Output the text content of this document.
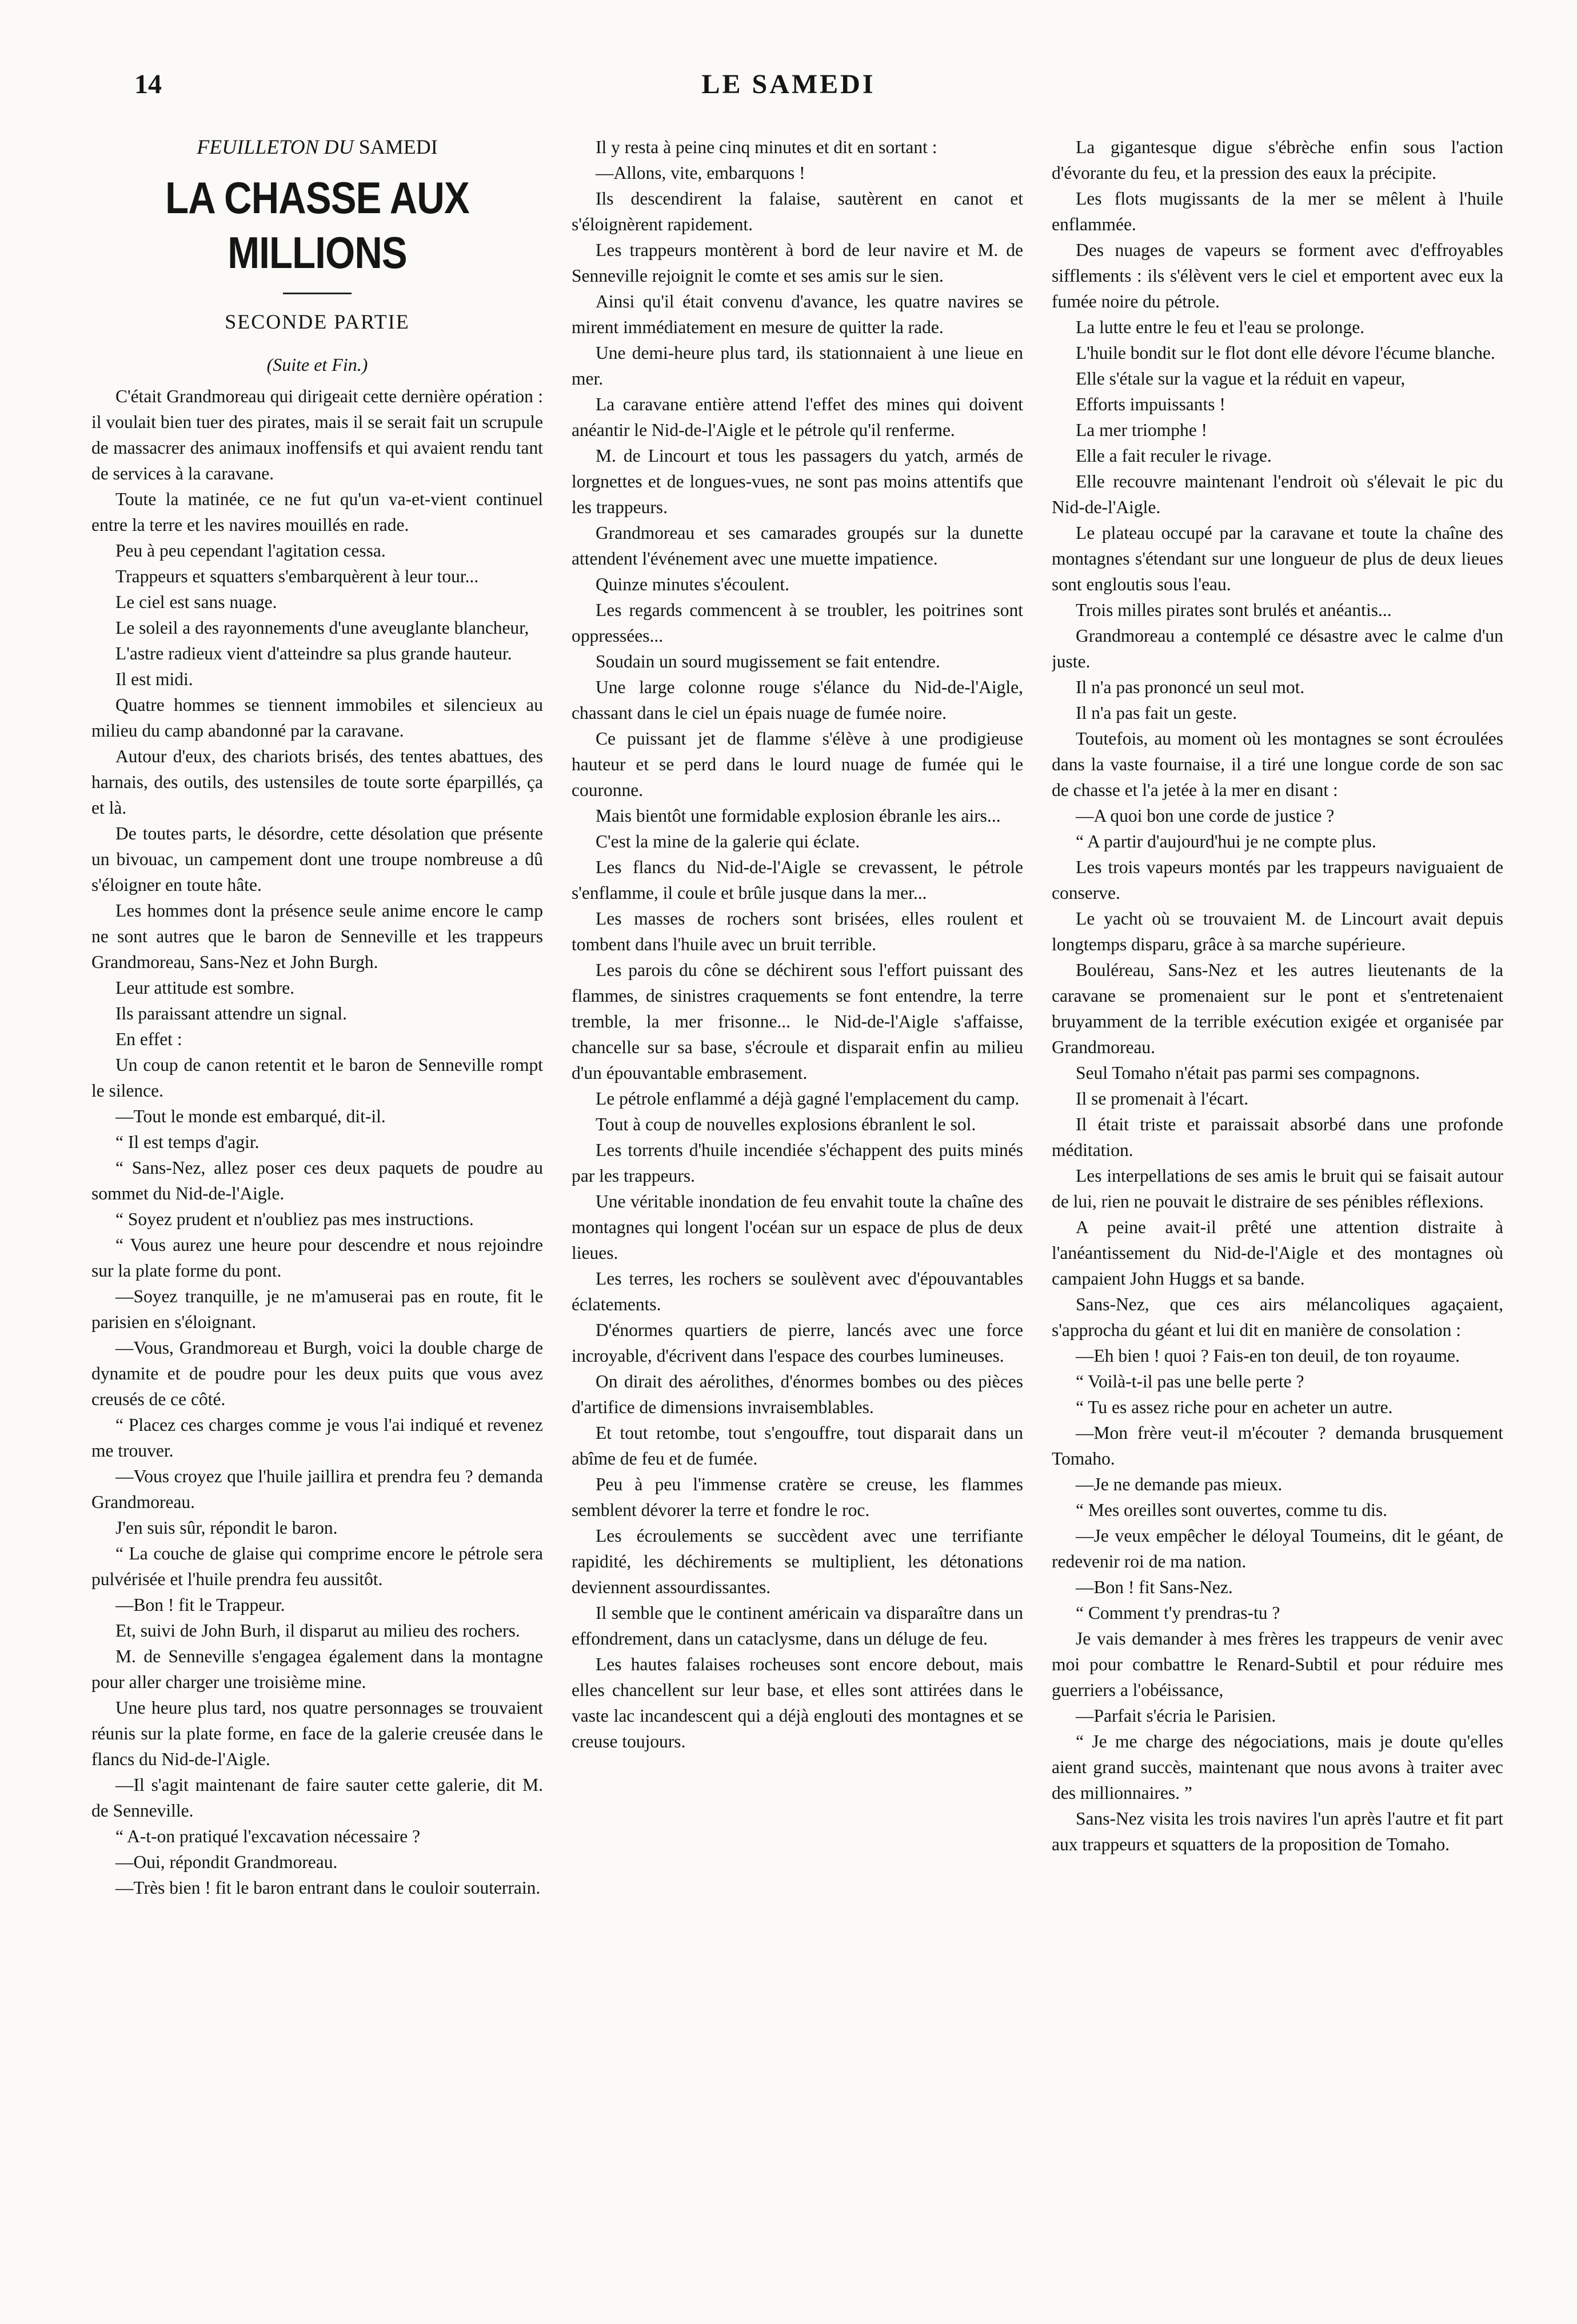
14	LE SAMEDI
FEUILLETON DU SAMEDI
LA CHASSE AUX MILLIONS
SECONDE PARTIE
(Suite et Fin.)

C'était Grandmoreau qui dirigeait cette dernière opération : il voulait bien tuer des pirates, mais il se serait fait un scrupule de massacrer des animaux inoffensifs et qui avaient rendu tant de services à la caravane.

Toute la matinée, ce ne fut qu'un va-et-vient continuel entre la terre et les navires mouillés en rade.

Peu à peu cependant l'agitation cessa.

Trappeurs et squatters s'embarquèrent à leur tour...

Le ciel est sans nuage.

Le soleil a des rayonnements d'une aveuglante blancheur,

L'astre radieux vient d'atteindre sa plus grande hauteur.

Il est midi.

Quatre hommes se tiennent immobiles et silencieux au milieu du camp abandonné par la caravane.

Autour d'eux, des chariots brisés, des tentes abattues, des harnais, des outils, des ustensiles de toute sorte éparpillés, ça et là.

De toutes parts, le désordre, cette désolation que présente un bivouac, un campement dont une troupe nombreuse a dû s'éloigner en toute hâte.

Les hommes dont la présence seule anime encore le camp ne sont autres que le baron de Senneville et les trappeurs Grandmoreau, Sans-Nez et John Burgh.

Leur attitude est sombre.

Ils paraissant attendre un signal.

En effet :

Un coup de canon retentit et le baron de Senneville rompt le silence.

—Tout le monde est embarqué, dit-il.

“ Il est temps d'agir.

“ Sans-Nez, allez poser ces deux paquets de poudre au sommet du Nid-de-l'Aigle.

“ Soyez prudent et n'oubliez pas mes instructions.

“ Vous aurez une heure pour descendre et nous rejoindre sur la plate forme du pont.

—Soyez tranquille, je ne m'amuserai pas en route, fit le parisien en s'éloignant.

—Vous, Grandmoreau et Burgh, voici la double charge de dynamite et de poudre pour les deux puits que vous avez creusés de ce côté.

“ Placez ces charges comme je vous l'ai indiqué et revenez me trouver.

—Vous croyez que l'huile jaillira et prendra feu ? demanda Grandmoreau.

J'en suis sûr, répondit le baron.

“ La couche de glaise qui comprime encore le pétrole sera pulvérisée et l'huile prendra feu aussitôt.

—Bon ! fit le Trappeur.

Et, suivi de John Burh, il disparut au milieu des rochers.

M. de Senneville s'engagea également dans la montagne pour aller charger une troisième mine.

Une heure plus tard, nos quatre personnages se trouvaient réunis sur la plate forme, en face de la galerie creusée dans le flancs du Nid-de-l'Aigle.

—Il s'agit maintenant de faire sauter cette galerie, dit M. de Senneville.

“ A-t-on pratiqué l'excavation nécessaire ?

—Oui, répondit Grandmoreau.

—Très bien ! fit le baron entrant dans le couloir souterrain.

Il y resta à peine cinq minutes et dit en sortant :

—Allons, vite, embarquons !

Ils descendirent la falaise, sautèrent en canot et s'éloignèrent rapidement.

Les trappeurs montèrent à bord de leur navire et M. de Senneville rejoignit le comte et ses amis sur le sien.

Ainsi qu'il était convenu d'avance, les quatre navires se mirent immédiatement en mesure de quitter la rade.

Une demi-heure plus tard, ils stationnaient à une lieue en mer.

La caravane entière attend l'effet des mines qui doivent anéantir le Nid-de-l'Aigle et le pétrole qu'il renferme.

M. de Lincourt et tous les passagers du yatch, armés de lorgnettes et de longues-vues, ne sont pas moins attentifs que les trappeurs.

Grandmoreau et ses camarades groupés sur la dunette attendent l'événement avec une muette impatience.

Quinze minutes s'écoulent.

Les regards commencent à se troubler, les poitrines sont oppressées...

Soudain un sourd mugissement se fait entendre.

Une large colonne rouge s'élance du Nid-de-l'Aigle, chassant dans le ciel un épais nuage de fumée noire.

Ce puissant jet de flamme s'élève à une prodigieuse hauteur et se perd dans le lourd nuage de fumée qui le couronne.

Mais bientôt une formidable explosion ébranle les airs...

C'est la mine de la galerie qui éclate.

Les flancs du Nid-de-l'Aigle se crevassent, le pétrole s'enflamme, il coule et brûle jusque dans la mer...

Les masses de rochers sont brisées, elles roulent et tombent dans l'huile avec un bruit terrible.

Les parois du cône se déchirent sous l'effort puissant des flammes, de sinistres craquements se font entendre, la terre tremble, la mer frisonne... le Nid-de-l'Aigle s'affaisse, chancelle sur sa base, s'écroule et disparait enfin au milieu d'un épouvantable embrasement.

Le pétrole enflammé a déjà gagné l'emplacement du camp.

Tout à coup de nouvelles explosions ébranlent le sol.

Les torrents d'huile incendiée s'échappent des puits minés par les trappeurs.

Une véritable inondation de feu envahit toute la chaîne des montagnes qui longent l'océan sur un espace de plus de deux lieues.

Les terres, les rochers se soulèvent avec d'épouvantables éclatements.

D'énormes quartiers de pierre, lancés avec une force incroyable, d'écrivent dans l'espace des courbes lumineuses.

On dirait des aérolithes, d'énormes bombes ou des pièces d'artifice de dimensions invraisemblables.

Et tout retombe, tout s'engouffre, tout disparait dans un abîme de feu et de fumée.

Peu à peu l'immense cratère se creuse, les flammes semblent dévorer la terre et fondre le roc.

Les écroulements se succèdent avec une terrifiante rapidité, les déchirements se multiplient, les détonations deviennent assourdissantes.

Il semble que le continent américain va disparaître dans un effondrement, dans un cataclysme, dans un déluge de feu.

Les hautes falaises rocheuses sont encore debout, mais elles chancellent sur leur base, et elles sont attirées dans le vaste lac incandescent qui a déjà englouti des montagnes et se creuse toujours.

La gigantesque digue s'ébrèche enfin sous l'action d'évorante du feu, et la pression des eaux la précipite.

Les flots mugissants de la mer se mêlent à l'huile enflammée.

Des nuages de vapeurs se forment avec d'effroyables sifflements : ils s'élèvent vers le ciel et emportent avec eux la fumée noire du pétrole.

La lutte entre le feu et l'eau se prolonge.

L'huile bondit sur le flot dont elle dévore l'écume blanche.

Elle s'étale sur la vague et la réduit en vapeur,

Efforts impuissants !

La mer triomphe !

Elle a fait reculer le rivage.

Elle recouvre maintenant l'endroit où s'élevait le pic du Nid-de-l'Aigle.

Le plateau occupé par la caravane et toute la chaîne des montagnes s'étendant sur une longueur de plus de deux lieues sont engloutis sous l'eau.

Trois milles pirates sont brulés et anéantis...

Grandmoreau a contemplé ce désastre avec le calme d'un juste.

Il n'a pas prononcé un seul mot.

Il n'a pas fait un geste.

Toutefois, au moment où les montagnes se sont écroulées dans la vaste fournaise, il a tiré une longue corde de son sac de chasse et l'a jetée à la mer en disant :

—A quoi bon une corde de justice ?

“ A partir d'aujourd'hui je ne compte plus.

Les trois vapeurs montés par les trappeurs naviguaient de conserve.

Le yacht où se trouvaient M. de Lincourt avait depuis longtemps disparu, grâce à sa marche supérieure.

Bouléreau, Sans-Nez et les autres lieutenants de la caravane se promenaient sur le pont et s'entretenaient bruyamment de la terrible exécution exigée et organisée par Grandmoreau.

Seul Tomaho n'était pas parmi ses compagnons.

Il se promenait à l'écart.

Il était triste et paraissait absorbé dans une profonde méditation.

Les interpellations de ses amis le bruit qui se faisait autour de lui, rien ne pouvait le distraire de ses pénibles réflexions.

A peine avait-il prêté une attention distraite à l'anéantissement du Nid-de-l'Aigle et des montagnes où campaient John Huggs et sa bande.

Sans-Nez, que ces airs mélancoliques agaçaient, s'approcha du géant et lui dit en manière de consolation :

—Eh bien ! quoi ? Fais-en ton deuil, de ton royaume.

“ Voilà-t-il pas une belle perte ?

“ Tu es assez riche pour en acheter un autre.

—Mon frère veut-il m'écouter ? demanda brusquement Tomaho.

—Je ne demande pas mieux.

“ Mes oreilles sont ouvertes, comme tu dis.

—Je veux empêcher le déloyal Toumeins, dit le géant, de redevenir roi de ma nation.

—Bon ! fit Sans-Nez.

“ Comment t'y prendras-tu ?

Je vais demander à mes frères les trappeurs de venir avec moi pour combattre le Renard-Subtil et pour réduire mes guerriers a l'obéissance,

—Parfait s'écria le Parisien.

“ Je me charge des négociations, mais je doute qu'elles aient grand succès, maintenant que nous avons à traiter avec des millionnaires. ”

Sans-Nez visita les trois navires l'un après l'autre et fit part aux trappeurs et squatters de la proposition de Tomaho.
